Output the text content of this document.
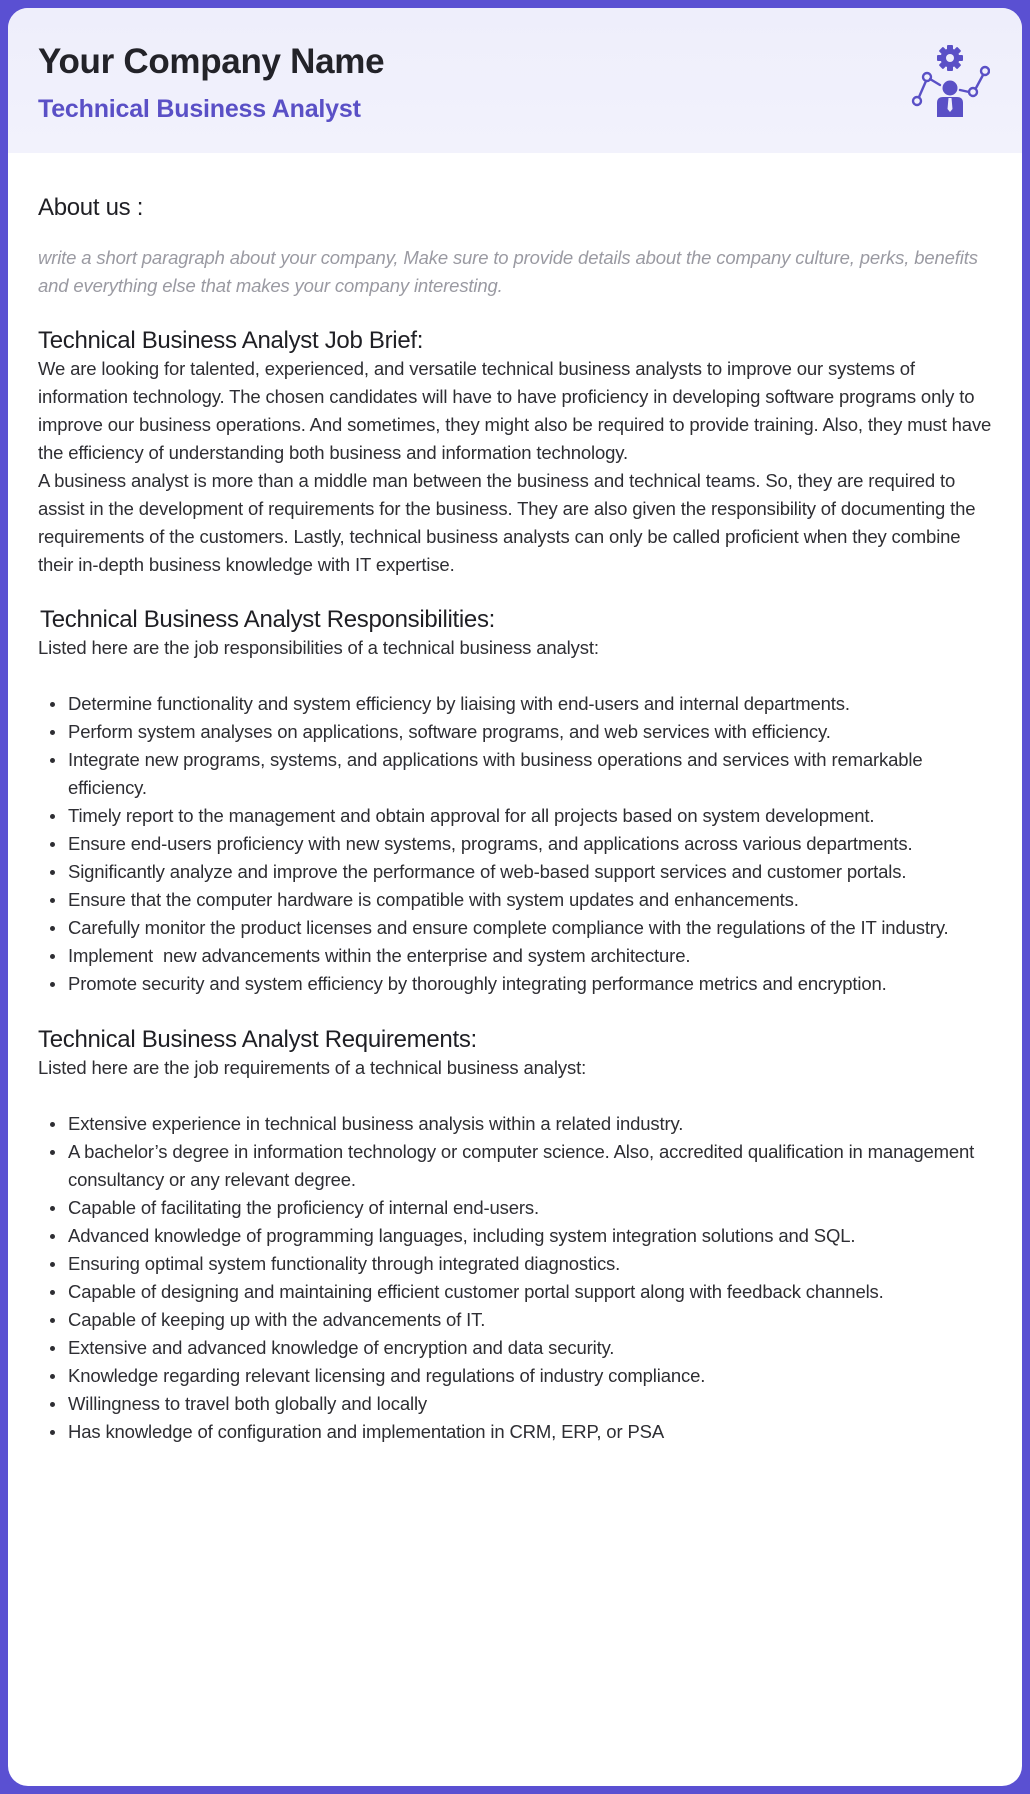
Your Company Name
Technical Business Analyst
About us :

write a short paragraph about your company, Make sure to provide details about the company culture, perks, benefits and everything else that makes your company interesting.

Technical Business Analyst Job Brief:

We are looking for talented, experienced, and versatile technical business analysts to improve our systems of information technology. The chosen candidates will have to have proficiency in developing software programs only to improve our business operations. And sometimes, they might also be required to provide training. Also, they must have the efficiency of understanding both business and information technology.

A business analyst is more than a middle man between the business and technical teams. So, they are required to assist in the development of requirements for the business. They are also given the responsibility of documenting the requirements of the customers. Lastly, technical business analysts can only be called proficient when they combine their in-depth business knowledge with IT expertise.

Technical Business Analyst Responsibilities:

Listed here are the job responsibilities of a technical business analyst:

Determine functionality and system efficiency by liaising with end-users and internal departments.
Perform system analyses on applications, software programs, and web services with efficiency.
Integrate new programs, systems, and applications with business operations and services with remarkable efficiency.
Timely report to the management and obtain approval for all projects based on system development.
Ensure end-users proficiency with new systems, programs, and applications across various departments.
Significantly analyze and improve the performance of web-based support services and customer portals.
Ensure that the computer hardware is compatible with system updates and enhancements.
Carefully monitor the product licenses and ensure complete compliance with the regulations of the IT industry.
Implement  new advancements within the enterprise and system architecture.
Promote security and system efficiency by thoroughly integrating performance metrics and encryption.
Technical Business Analyst Requirements:

Listed here are the job requirements of a technical business analyst:

Extensive experience in technical business analysis within a related industry.
A bachelor’s degree in information technology or computer science. Also, accredited qualification in management consultancy or any relevant degree.
Capable of facilitating the proficiency of internal end-users.
Advanced knowledge of programming languages, including system integration solutions and SQL.
Ensuring optimal system functionality through integrated diagnostics.
Capable of designing and maintaining efficient customer portal support along with feedback channels.
Capable of keeping up with the advancements of IT.
Extensive and advanced knowledge of encryption and data security.
Knowledge regarding relevant licensing and regulations of industry compliance.
Willingness to travel both globally and locally
Has knowledge of configuration and implementation in CRM, ERP, or PSA
